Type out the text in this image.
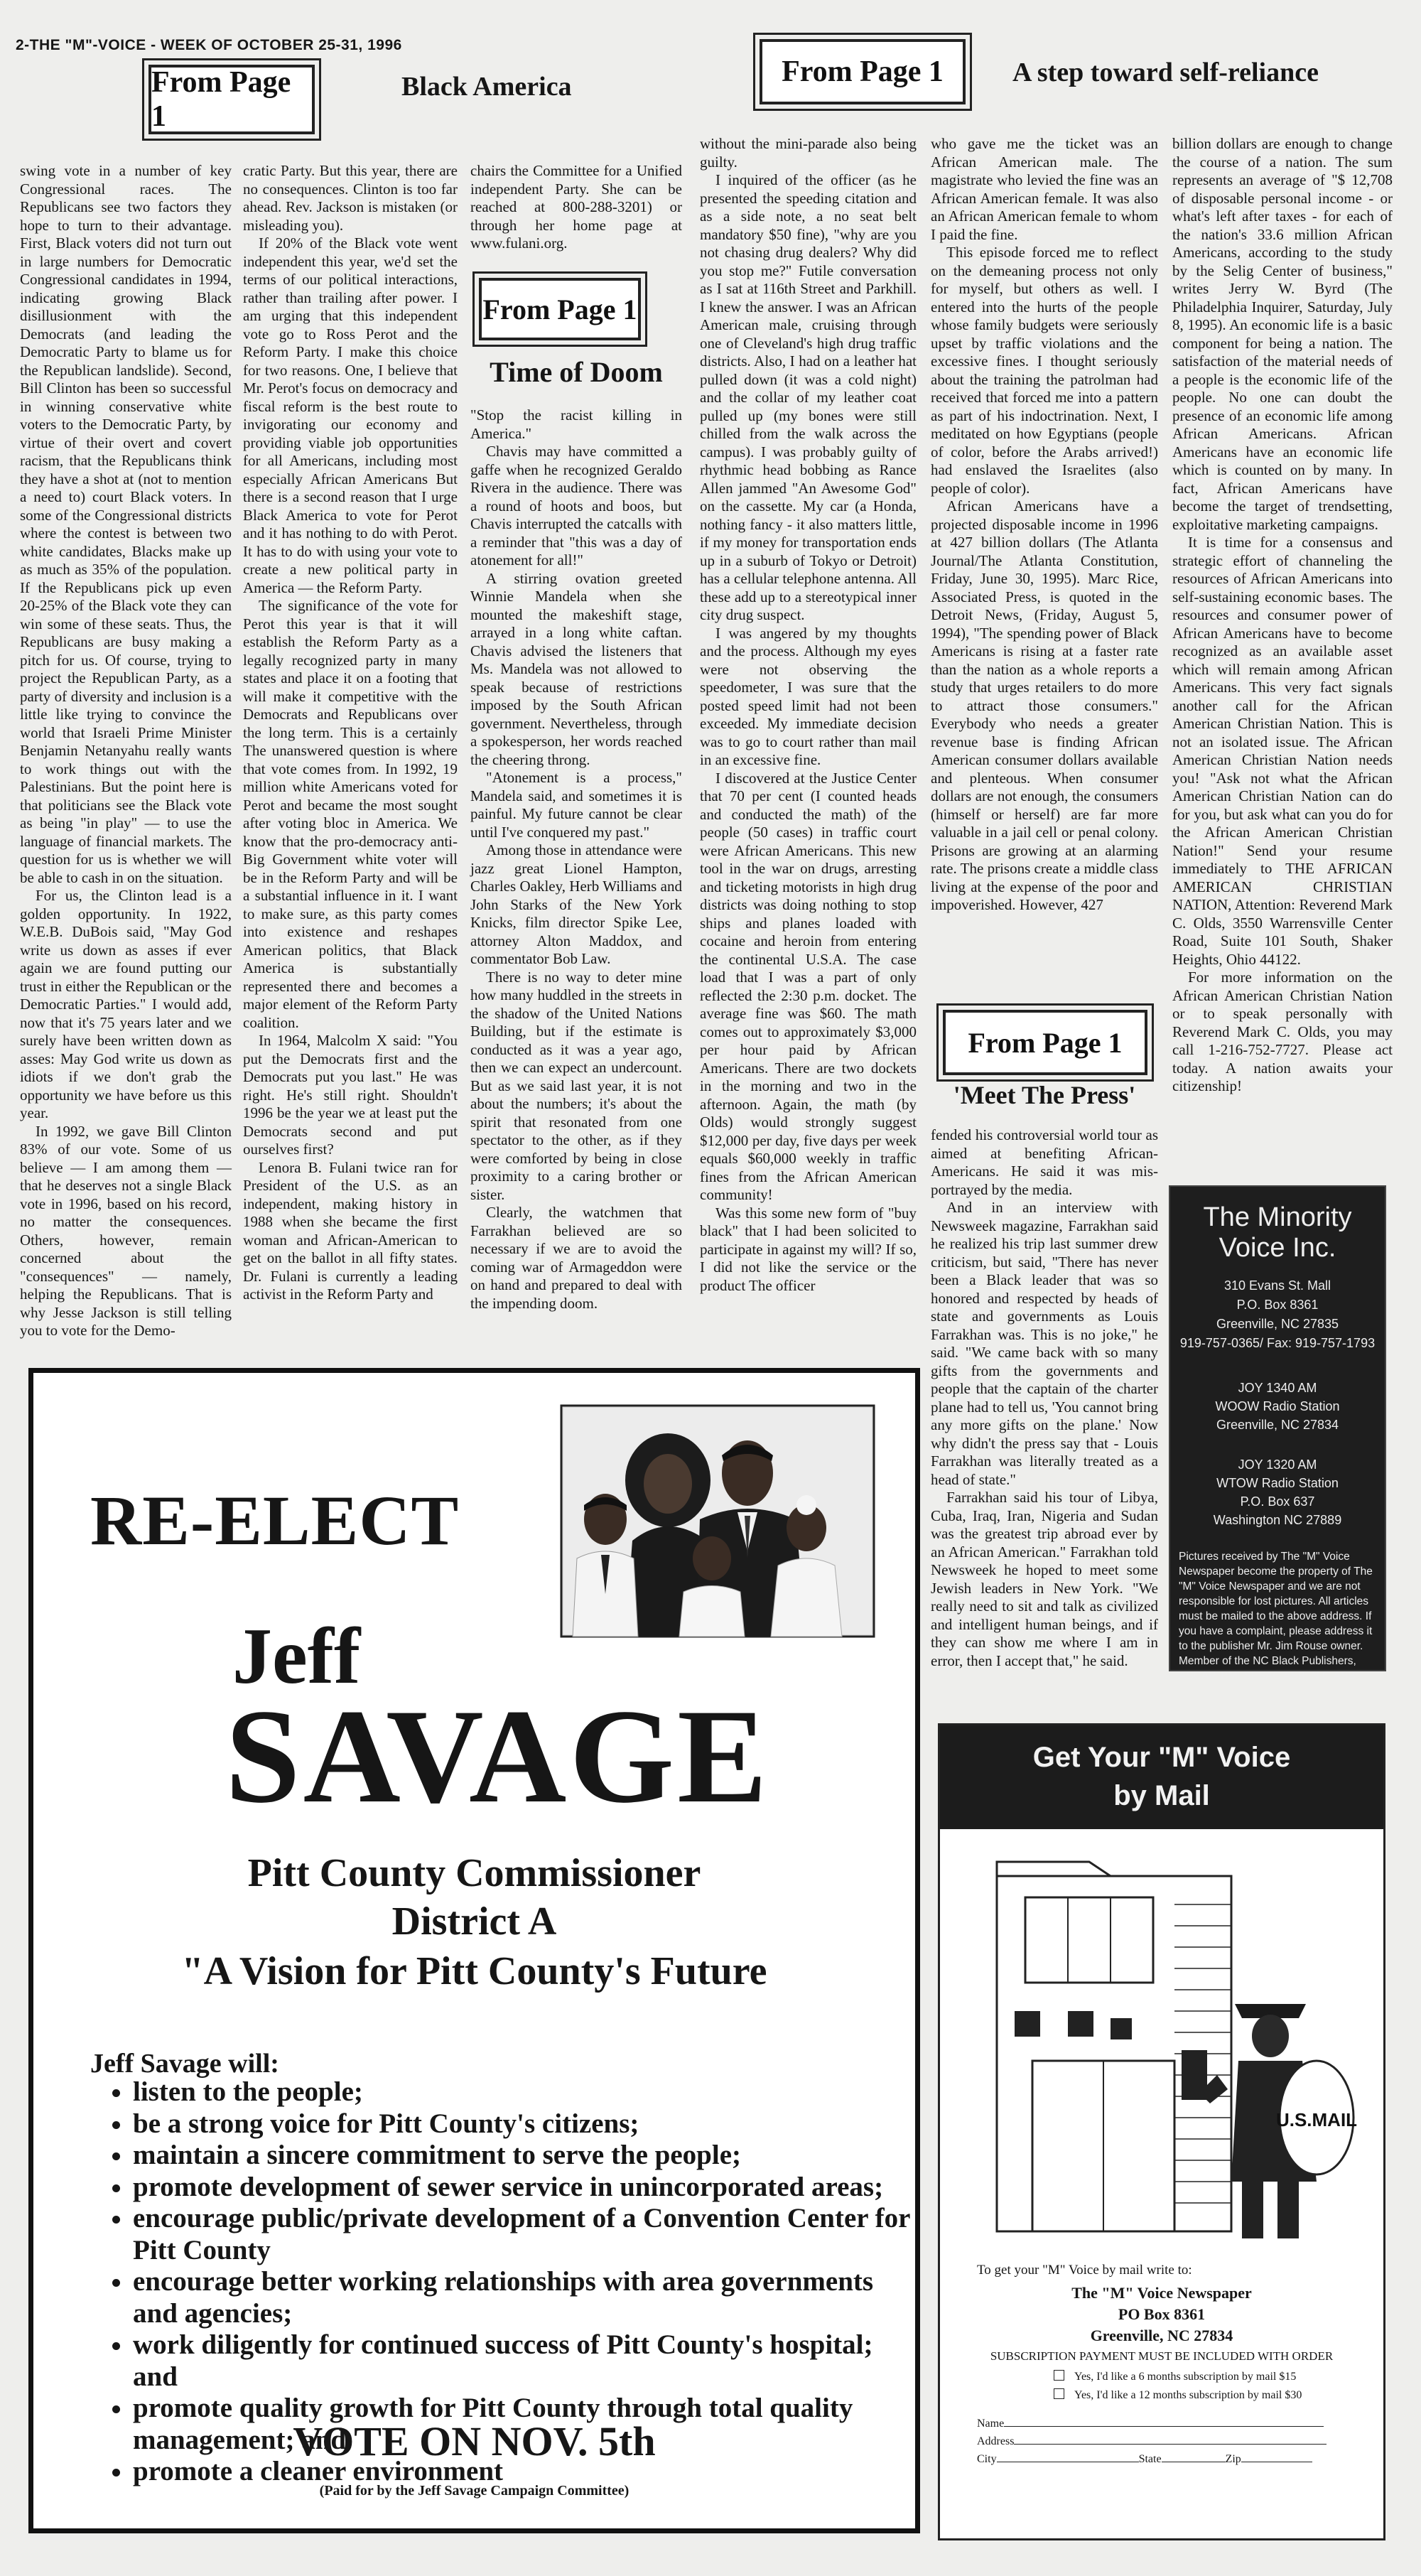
2-THE "M"-VOICE - WEEK OF OCTOBER 25-31, 1996
From Page 1
Black America	From Page 1	A step toward self-reliance

swing vote in a number of key Congressional races. The Republicans see two factors they hope to turn to their advantage. First, Black voters did not turn out in large numbers for Democratic Congressional candidates in 1994, indicating growing Black disillusionment with the Democrats (and leading the Democratic Party to blame us for the Republican landslide). Second, Bill Clinton has been so successful in winning conservative white voters to the Democratic Party, by virtue of their overt and covert racism, that the Republicans think they have a shot at (not to mention a need to) court Black voters. In some of the Congressional districts where the contest is between two white candidates, Blacks make up as much as 35% of the population. If the Republicans pick up even 20-25% of the Black vote they can win some of these seats. Thus, the Republicans are busy making a pitch for us. Of course, trying to project the Republican Party, as a party of diversity and inclusion is a little like trying to convince the world that Israeli Prime Minister Benjamin Netanyahu really wants to work things out with the Palestinians. But the point here is that politicians see the Black vote as being "in play" — to use the language of financial markets. The question for us is whether we will be able to cash in on the situation.

For us, the Clinton lead is a golden opportunity. In 1922, W.E.B. DuBois said, "May God write us down as asses if ever again we are found putting our trust in either the Republican or the Democratic Parties." I would add, now that it's 75 years later and we surely have been written down as asses: May God write us down as idiots if we don't grab the opportunity we have before us this year.

In 1992, we gave Bill Clinton 83% of our vote. Some of us believe — I am among them — that he deserves not a single Black vote in 1996, based on his record, no matter the consequences. Others, however, remain concerned about the "consequences" — namely, helping the Republicans. That is why Jesse Jackson is still telling you to vote for the Demo-

cratic Party. But this year, there are no consequences. Clinton is too far ahead. Rev. Jackson is mistaken (or misleading you).

If 20% of the Black vote went independent this year, we'd set the terms of our political interactions, rather than trailing after power. I am urging that this independent vote go to Ross Perot and the Reform Party. I make this choice for two reasons. One, I believe that Mr. Perot's focus on democracy and fiscal reform is the best route to invigorating our economy and providing viable job opportunities for all Americans, including most especially African Americans But there is a second reason that I urge Black America to vote for Perot and it has nothing to do with Perot. It has to do with using your vote to create a new political party in America — the Reform Party.

The significance of the vote for Perot this year is that it will establish the Reform Party as a legally recognized party in many states and place it on a footing that will make it competitive with the Democrats and Republicans over the long term. This is a certainly The unanswered question is where that vote comes from. In 1992, 19 million white Americans voted for Perot and became the most sought after voting bloc in America. We know that the pro-democracy anti-Big Government white voter will be in the Reform Party and will be a substantial influence in it. I want to make sure, as this party comes into existence and reshapes American politics, that Black America is substantially represented there and becomes a major element of the Reform Party coalition.

In 1964, Malcolm X said: "You put the Democrats first and the Democrats put you last." He was right. He's still right. Shouldn't 1996 be the year we at least put the Democrats second and put ourselves first?

Lenora B. Fulani twice ran for President of the U.S. as an independent, making history in 1988 when she became the first woman and African-American to get on the ballot in all fifty states. Dr. Fulani is currently a leading activist in the Reform Party and

chairs the Committee for a Unified independent Party. She can be reached at 800-288-3201) or through her home page at www.fulani.org.

From Page 1
Time of Doom

"Stop the racist killing in America."

Chavis may have committed a gaffe when he recognized Geraldo Rivera in the audience. There was a round of hoots and boos, but Chavis interrupted the catcalls with a reminder that "this was a day of atonement for all!"

A stirring ovation greeted Winnie Mandela when she mounted the makeshift stage, arrayed in a long white caftan. Chavis advised the listeners that Ms. Mandela was not allowed to speak because of restrictions imposed by the South African government. Nevertheless, through a spokesperson, her words reached the cheering throng.

"Atonement is a process," Mandela said, and sometimes it is painful. My future cannot be clear until I've conquered my past."

Among those in attendance were jazz great Lionel Hampton, Charles Oakley, Herb Williams and John Starks of the New York Knicks, film director Spike Lee, attorney Alton Maddox, and commentator Bob Law.

There is no way to deter mine how many huddled in the streets in the shadow of the United Nations Building, but if the estimate is conducted as it was a year ago, then we can expect an undercount. But as we said last year, it is not about the numbers; it's about the spirit that resonated from one spectator to the other, as if they were comforted by being in close proximity to a caring brother or sister.

Clearly, the watchmen that Farrakhan believed are so necessary if we are to avoid the coming war of Armageddon were on hand and prepared to deal with the impending doom.

without the mini-parade also being guilty.

I inquired of the officer (as he presented the speeding citation and as a side note, a no seat belt mandatory $50 fine), "why are you not chasing drug dealers? Why did you stop me?" Futile conversation as I sat at 116th Street and Parkhill. I knew the answer. I was an African American male, cruising through one of Cleveland's high drug traffic districts. Also, I had on a leather hat pulled down (it was a cold night) and the collar of my leather coat pulled up (my bones were still chilled from the walk across the campus). I was probably guilty of rhythmic head bobbing as Rance Allen jammed "An Awesome God" on the cassette. My car (a Honda, nothing fancy - it also matters little, if my money for transportation ends up in a suburb of Tokyo or Detroit) has a cellular telephone antenna. All these add up to a stereotypical inner city drug suspect.

I was angered by my thoughts and the process. Although my eyes were not observing the speedometer, I was sure that the posted speed limit had not been exceeded. My immediate decision was to go to court rather than mail in an excessive fine.

I discovered at the Justice Center that 70 per cent (I counted heads and conducted the math) of the people (50 cases) in traffic court were African Americans. This new tool in the war on drugs, arresting and ticketing motorists in high drug districts was doing nothing to stop ships and planes loaded with cocaine and heroin from entering the continental U.S.A. The case load that I was a part of only reflected the 2:30 p.m. docket. The average fine was $60. The math comes out to approximately $3,000 per hour paid by African Americans. There are two dockets in the morning and two in the afternoon. Again, the math (by Olds) would strongly suggest $12,000 per day, five days per week equals $60,000 weekly in traffic fines from the African American community!

Was this some new form of "buy black" that I had been solicited to participate in against my will? If so, I did not like the service or the product The officer

who gave me the ticket was an African American male. The magistrate who levied the fine was an African American female. It was also an African American female to whom I paid the fine.

This episode forced me to reflect on the demeaning process not only for myself, but others as well. I entered into the hurts of the people whose family budgets were seriously upset by traffic violations and the excessive fines. I thought seriously about the training the patrolman had received that forced me into a pattern as part of his indoctrination. Next, I meditated on how Egyptians (people of color, before the Arabs arrived!) had enslaved the Israelites (also people of color).

African Americans have a projected disposable income in 1996 at 427 billion dollars (The Atlanta Journal/The Atlanta Constitution, Friday, June 30, 1995). Marc Rice, Associated Press, is quoted in the Detroit News, (Friday, August 5, 1994), "The spending power of Black Americans is rising at a faster rate than the nation as a whole reports a study that urges retailers to do more to attract those consumers." Everybody who needs a greater revenue base is finding African American consumer dollars available and plenteous. When consumer dollars are not enough, the consumers (himself or herself) are far more valuable in a jail cell or penal colony. Prisons are growing at an alarming rate. The prisons create a middle class living at the expense of the poor and impoverished. However, 427

billion dollars are enough to change the course of a nation. The sum represents an average of "$ 12,708 of disposable personal income - or what's left after taxes - for each of the nation's 33.6 million African Americans, according to the study by the Selig Center of business," writes Jerry W. Byrd (The Philadelphia Inquirer, Saturday, July 8, 1995). An economic life is a basic component for being a nation. The satisfaction of the material needs of a people is the economic life of the people. No one can doubt the presence of an economic life among African Americans. African Americans have an economic life which is counted on by many. In fact, African Americans have become the target of trendsetting, exploitative marketing campaigns.

It is time for a consensus and strategic effort of channeling the resources of African Americans into self-sustaining economic bases. The resources and consumer power of African Americans have to become recognized as an available asset which will remain among African Americans. This very fact signals another call for the African American Christian Nation. This is not an isolated issue. The African American Christian Nation needs you! "Ask not what the African American Christian Nation can do for you, but ask what can you do for the African American Christian Nation!" Send your resume immediately to THE AFRICAN AMERICAN CHRISTIAN NATION, Attention: Reverend Mark C. Olds, 3550 Warrensville Center Road, Suite 101 South, Shaker Heights, Ohio 44122.

For more information on the African American Christian Nation or to speak personally with Reverend Mark C. Olds, you may call 1-216-752-7727. Please act today. A nation awaits your citizenship!

From Page 1
'Meet The Press'

fended his controversial world tour as aimed at benefiting African-Americans. He said it was mis-portrayed by the media.

And in an interview with Newsweek magazine, Farrakhan said he realized his trip last summer drew criticism, but said, "There has never been a Black leader that was so honored and respected by heads of state and governments as Louis Farrakhan was. This is no joke," he said. "We came back with so many gifts from the governments and people that the captain of the charter plane had to tell us, 'You cannot bring any more gifts on the plane.' Now why didn't the press say that - Louis Farrakhan was literally treated as a head of state."

Farrakhan said his tour of Libya, Cuba, Iraq, Iran, Nigeria and Sudan was the greatest trip abroad ever by an African American." Farrakhan told Newsweek he hoped to meet some Jewish leaders in New York. "We really need to sit and talk as civilized and intelligent human beings, and if they can show me where I am in error, then I accept that," he said.

The Minority
Voice Inc.
310 Evans St. Mall
P.O. Box 8361
Greenville, NC 27835
919-757-0365/ Fax: 919-757-1793
JOY 1340 AM
WOOW Radio Station
Greenville, NC 27834
JOY 1320 AM
WTOW Radio Station
P.O. Box 637
Washington NC 27889
Pictures received by The "M" Voice Newspaper become the property of The "M" Voice Newspaper and we are not responsible for lost pictures. All articles must be mailed to the above address. If you have a complaint, please address it to the publisher Mr. Jim Rouse owner. Member of the NC Black Publishers, ASCAP, BMI SESAC ASB, N.C.ASB
RE-ELECT
Jeff
SAVAGE
Pitt County Commissioner
District A
"A Vision for Pitt County's Future
Jeff Savage will:
• listen to the people;
• be a strong voice for Pitt County's citizens;
• maintain a sincere commitment to serve the people;
• promote development of sewer service in unincorporated areas;
• encourage public/private development of a Convention Center for Pitt County
• encourage better working relationships with area governments and agencies;
• work diligently for continued success of Pitt County's hospital; and
• promote quality growth for Pitt County through total quality management; and
• promote a cleaner environment
VOTE ON NOV. 5th
(Paid for by the Jeff Savage Campaign Committee)
Get Your "M" Voice
by Mail
U.S.MAIL
To get your "M" Voice by mail write to:
The "M" Voice Newspaper
PO Box 8361
Greenville, NC 27834
SUBSCRIPTION PAYMENT MUST BE INCLUDED WITH ORDER
Yes, I'd like a 6 months subscription by mail $15
Yes, I'd like a 12 months subscription by mail $30
Name
Address
City	State	Zip
